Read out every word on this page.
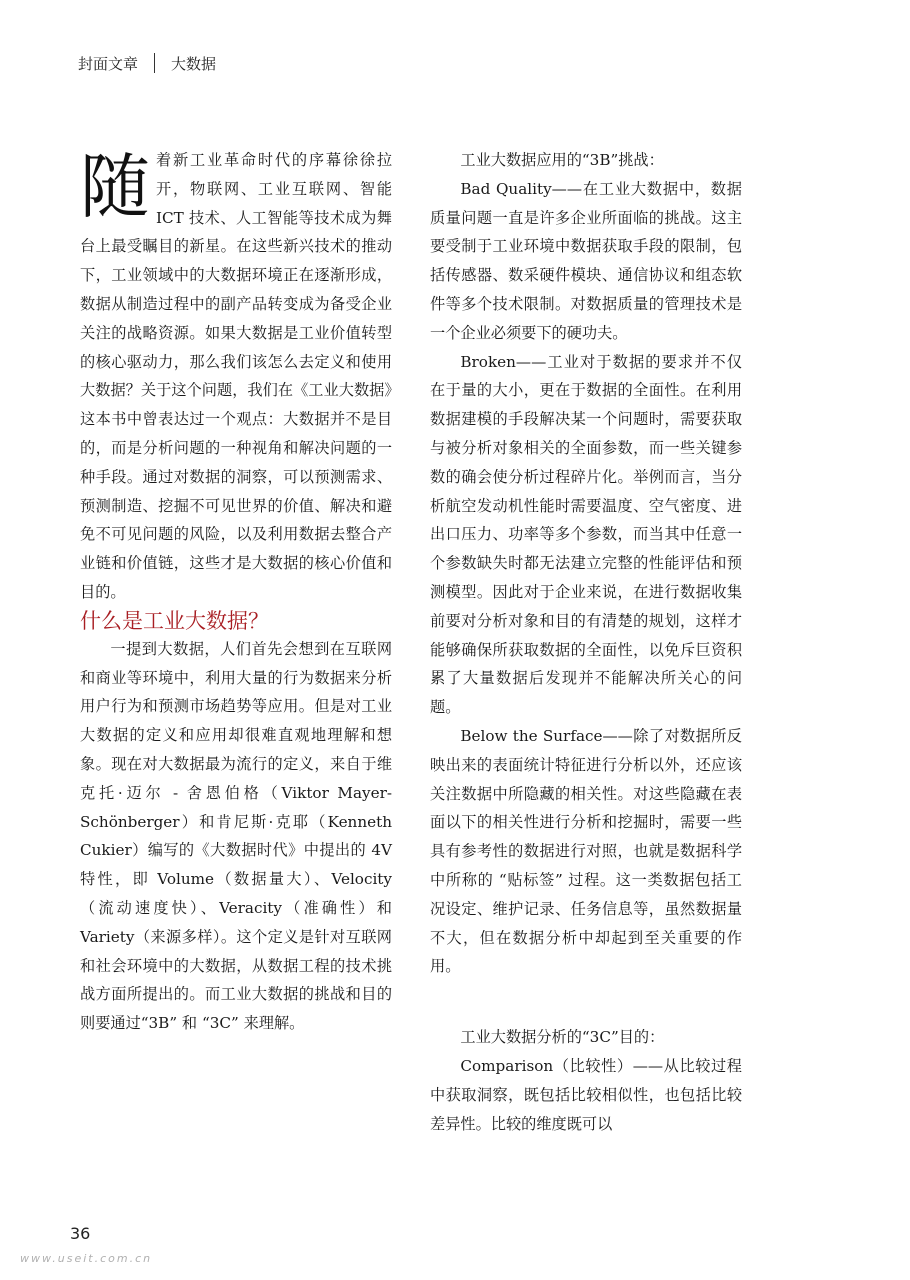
封面文章 大数据

随着新工业革命时代的序幕徐徐拉开，物联网、工业互联网、智能 ICT 技术、人工智能等技术成为舞台上最受瞩目的新星。在这些新兴技术的推动下，工业领域中的大数据环境正在逐渐形成，数据从制造过程中的副产品转变成为备受企业关注的战略资源。如果大数据是工业价值转型的核心驱动力，那么我们该怎么去定义和使用大数据？关于这个问题，我们在《工业大数据》这本书中曾表达过一个观点：大数据并不是目的，而是分析问题的一种视角和解决问题的一种手段。通过对数据的洞察，可以预测需求、预测制造、挖掘不可见世界的价值、解决和避免不可见问题的风险，以及利用数据去整合产业链和价值链，这些才是大数据的核心价值和目的。

什么是工业大数据？

一提到大数据，人们首先会想到在互联网和商业等环境中，利用大量的行为数据来分析用户行为和预测市场趋势等应用。但是对工业大数据的定义和应用却很难直观地理解和想象。现在对大数据最为流行的定义，来自于维克托·迈尔 - 舍恩伯格（Viktor Mayer-Schönberger）和肯尼斯·克耶（Kenneth Cukier）编写的《大数据时代》中提出的 4V 特性，即 Volume（数据量大）、Velocity（流动速度快）、Veracity（准确性）和 Variety（来源多样）。这个定义是针对互联网和社会环境中的大数据，从数据工程的技术挑战方面所提出的。而工业大数据的挑战和目的则要通过“3B” 和 “3C” 来理解。

工业大数据应用的“3B”挑战：

Bad Quality——在工业大数据中，数据质量问题一直是许多企业所面临的挑战。这主要受制于工业环境中数据获取手段的限制，包括传感器、数采硬件模块、通信协议和组态软件等多个技术限制。对数据质量的管理技术是一个企业必须要下的硬功夫。

Broken——工业对于数据的要求并不仅在于量的大小，更在于数据的全面性。在利用数据建模的手段解决某一个问题时，需要获取与被分析对象相关的全面参数，而一些关键参数的确会使分析过程碎片化。举例而言，当分析航空发动机性能时需要温度、空气密度、进出口压力、功率等多个参数，而当其中任意一个参数缺失时都无法建立完整的性能评估和预测模型。因此对于企业来说，在进行数据收集前要对分析对象和目的有清楚的规划，这样才能够确保所获取数据的全面性，以免斥巨资积累了大量数据后发现并不能解决所关心的问题。

Below the Surface——除了对数据所反映出来的表面统计特征进行分析以外，还应该关注数据中所隐藏的相关性。对这些隐藏在表面以下的相关性进行分析和挖掘时，需要一些具有参考性的数据进行对照，也就是数据科学中所称的 “贴标签” 过程。这一类数据包括工况设定、维护记录、任务信息等，虽然数据量不大，但在数据分析中却起到至关重要的作用。

工业大数据分析的“3C”目的：

Comparison（比较性）——从比较过程中获取洞察，既包括比较相似性，也包括比较差异性。比较的维度既可以

36
www.useit.com.cn
